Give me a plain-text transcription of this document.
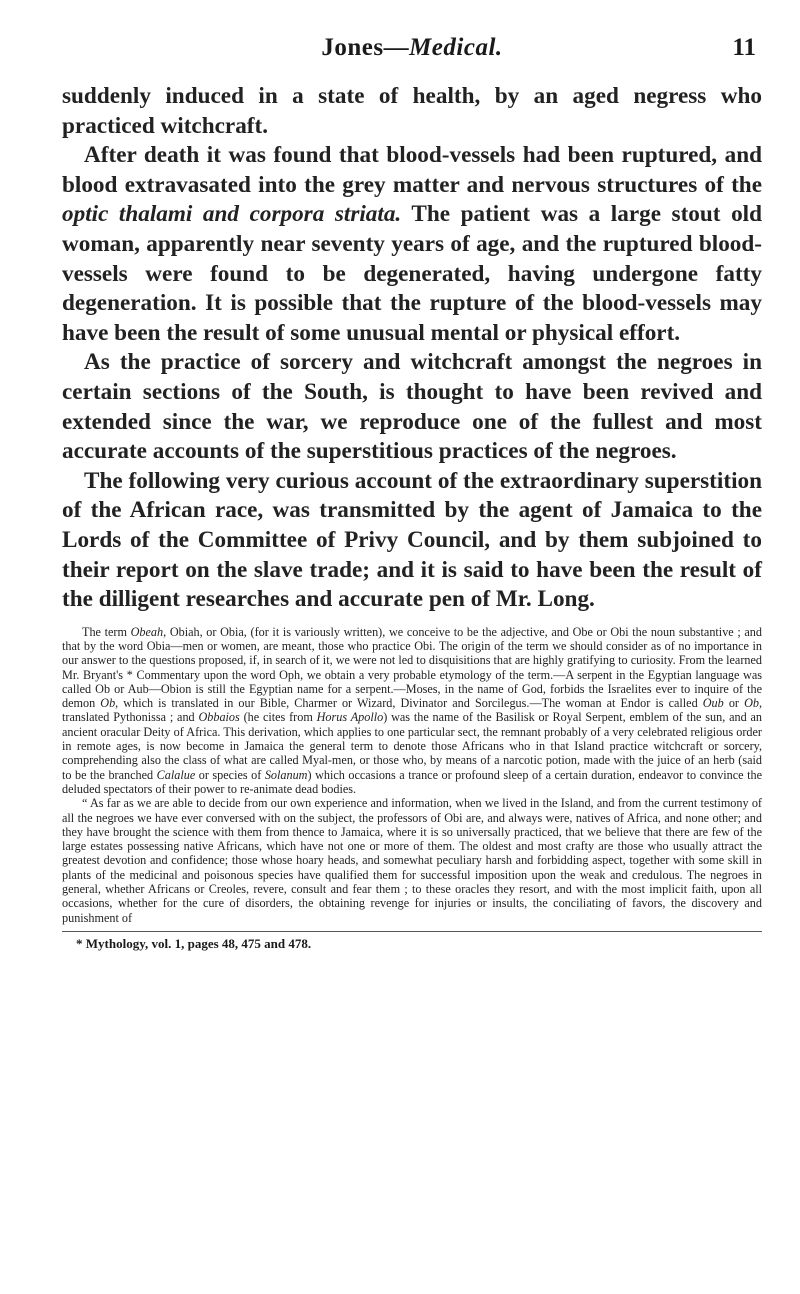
Jones—Medical.	11

suddenly induced in a state of health, by an aged negress who practiced witchcraft.

After death it was found that blood-vessels had been ruptured, and blood extravasated into the grey matter and nervous structures of the optic thalami and corpora striata. The patient was a large stout old woman, apparently near seventy years of age, and the ruptured blood-vessels were found to be degenerated, having undergone fatty degeneration. It is possible that the rupture of the blood-vessels may have been the result of some unusual mental or physical effort.

As the practice of sorcery and witchcraft amongst the negroes in certain sections of the South, is thought to have been revived and extended since the war, we reproduce one of the fullest and most accurate accounts of the superstitious practices of the negroes.

The following very curious account of the extraordinary superstition of the African race, was transmitted by the agent of Jamaica to the Lords of the Committee of Privy Council, and by them subjoined to their report on the slave trade; and it is said to have been the result of the dilligent researches and accurate pen of Mr. Long.

The term Obeah, Obiah, or Obia, (for it is variously written), we conceive to be the adjective, and Obe or Obi the noun substantive ; and that by the word Obia—men or women, are meant, those who practice Obi. The origin of the term we should consider as of no importance in our answer to the questions proposed, if, in search of it, we were not led to disquisitions that are highly gratifying to curiosity. From the learned Mr. Bryant's * Commentary upon the word Oph, we obtain a very probable etymology of the term.—A serpent in the Egyptian language was called Ob or Aub—Obion is still the Egyptian name for a serpent.—Moses, in the name of God, forbids the Israelites ever to inquire of the demon Ob, which is translated in our Bible, Charmer or Wizard, Divinator and Sorcilegus.—The woman at Endor is called Oub or Ob, translated Pythonissa ; and Obbaios (he cites from Horus Apollo) was the name of the Basilisk or Royal Serpent, emblem of the sun, and an ancient oracular Deity of Africa. This derivation, which applies to one particular sect, the remnant probably of a very celebrated religious order in remote ages, is now become in Jamaica the general term to denote those Africans who in that Island practice witchcraft or sorcery, comprehending also the class of what are called Myal-men, or those who, by means of a narcotic potion, made with the juice of an herb (said to be the branched Calalue or species of Solanum) which occasions a trance or profound sleep of a certain duration, endeavor to convince the deluded spectators of their power to re-animate dead bodies.

“ As far as we are able to decide from our own experience and information, when we lived in the Island, and from the current testimony of all the negroes we have ever conversed with on the subject, the professors of Obi are, and always were, natives of Africa, and none other; and they have brought the science with them from thence to Jamaica, where it is so universally practiced, that we believe that there are few of the large estates possessing native Africans, which have not one or more of them. The oldest and most crafty are those who usually attract the greatest devotion and confidence; those whose hoary heads, and somewhat peculiary harsh and forbidding aspect, together with some skill in plants of the medicinal and poisonous species have qualified them for successful imposition upon the weak and credulous. The negroes in general, whether Africans or Creoles, revere, consult and fear them ; to these oracles they resort, and with the most implicit faith, upon all occasions, whether for the cure of disorders, the obtaining revenge for injuries or insults, the conciliating of favors, the discovery and punishment of

* Mythology, vol. 1, pages 48, 475 and 478.
